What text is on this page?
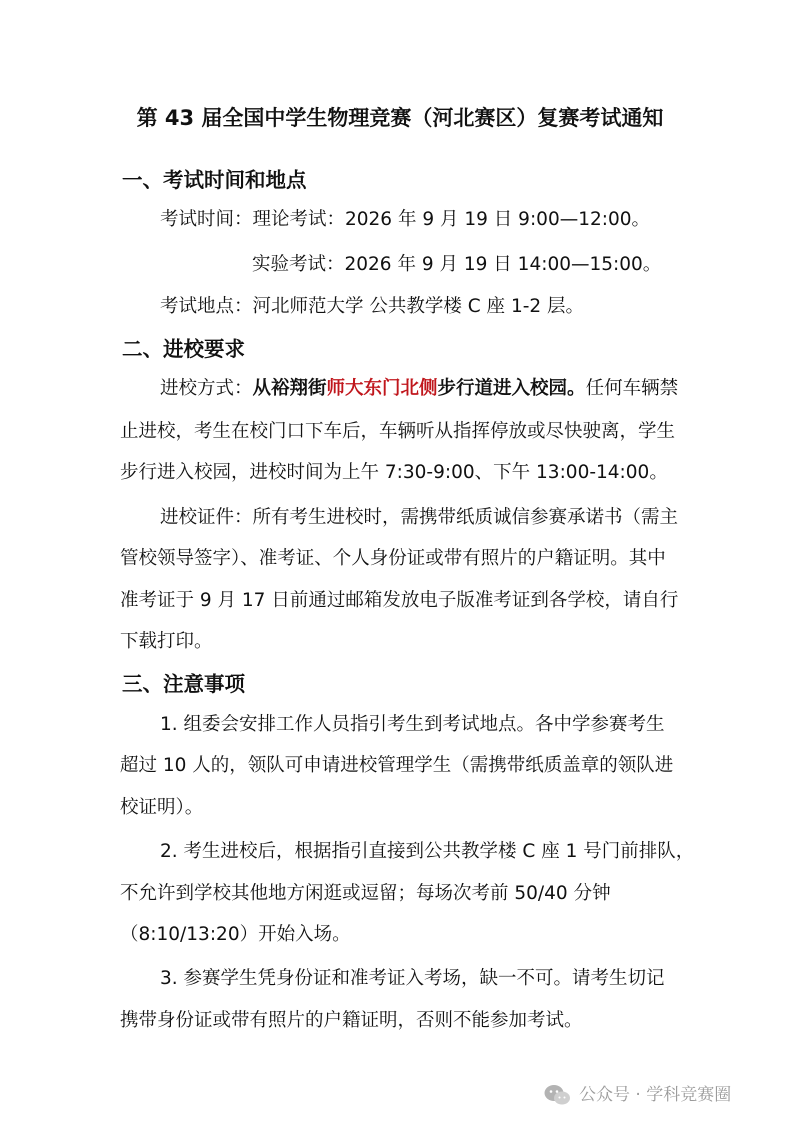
第 43 届全国中学生物理竞赛（河北赛区）复赛考试通知
一、考试时间和地点
考试时间：理论考试：2026 年 9 月 19 日 9:00—12:00。
实验考试：2026 年 9 月 19 日 14:00—15:00。
考试地点：河北师范大学 公共教学楼 C 座 1-2 层。
二、进校要求
进校方式：从裕翔街师大东门北侧步行道进入校园。任何车辆禁
止进校，考生在校门口下车后，车辆听从指挥停放或尽快驶离，学生
步行进入校园，进校时间为上午 7:30-9:00、下午 13:00-14:00。
进校证件：所有考生进校时，需携带纸质诚信参赛承诺书（需主
管校领导签字）、准考证、个人身份证或带有照片的户籍证明。其中
准考证于 9 月 17 日前通过邮箱发放电子版准考证到各学校，请自行
下载打印。
三、注意事项
1. 组委会安排工作人员指引考生到考试地点。各中学参赛考生
超过 10 人的，领队可申请进校管理学生（需携带纸质盖章的领队进
校证明）。
2. 考生进校后，根据指引直接到公共教学楼 C 座 1 号门前排队，
不允许到学校其他地方闲逛或逗留；每场次考前 50/40 分钟
（8:10/13:20）开始入场。
3. 参赛学生凭身份证和准考证入考场，缺一不可。请考生切记
携带身份证或带有照片的户籍证明，否则不能参加考试。
公众号 · 学科竞赛圈
